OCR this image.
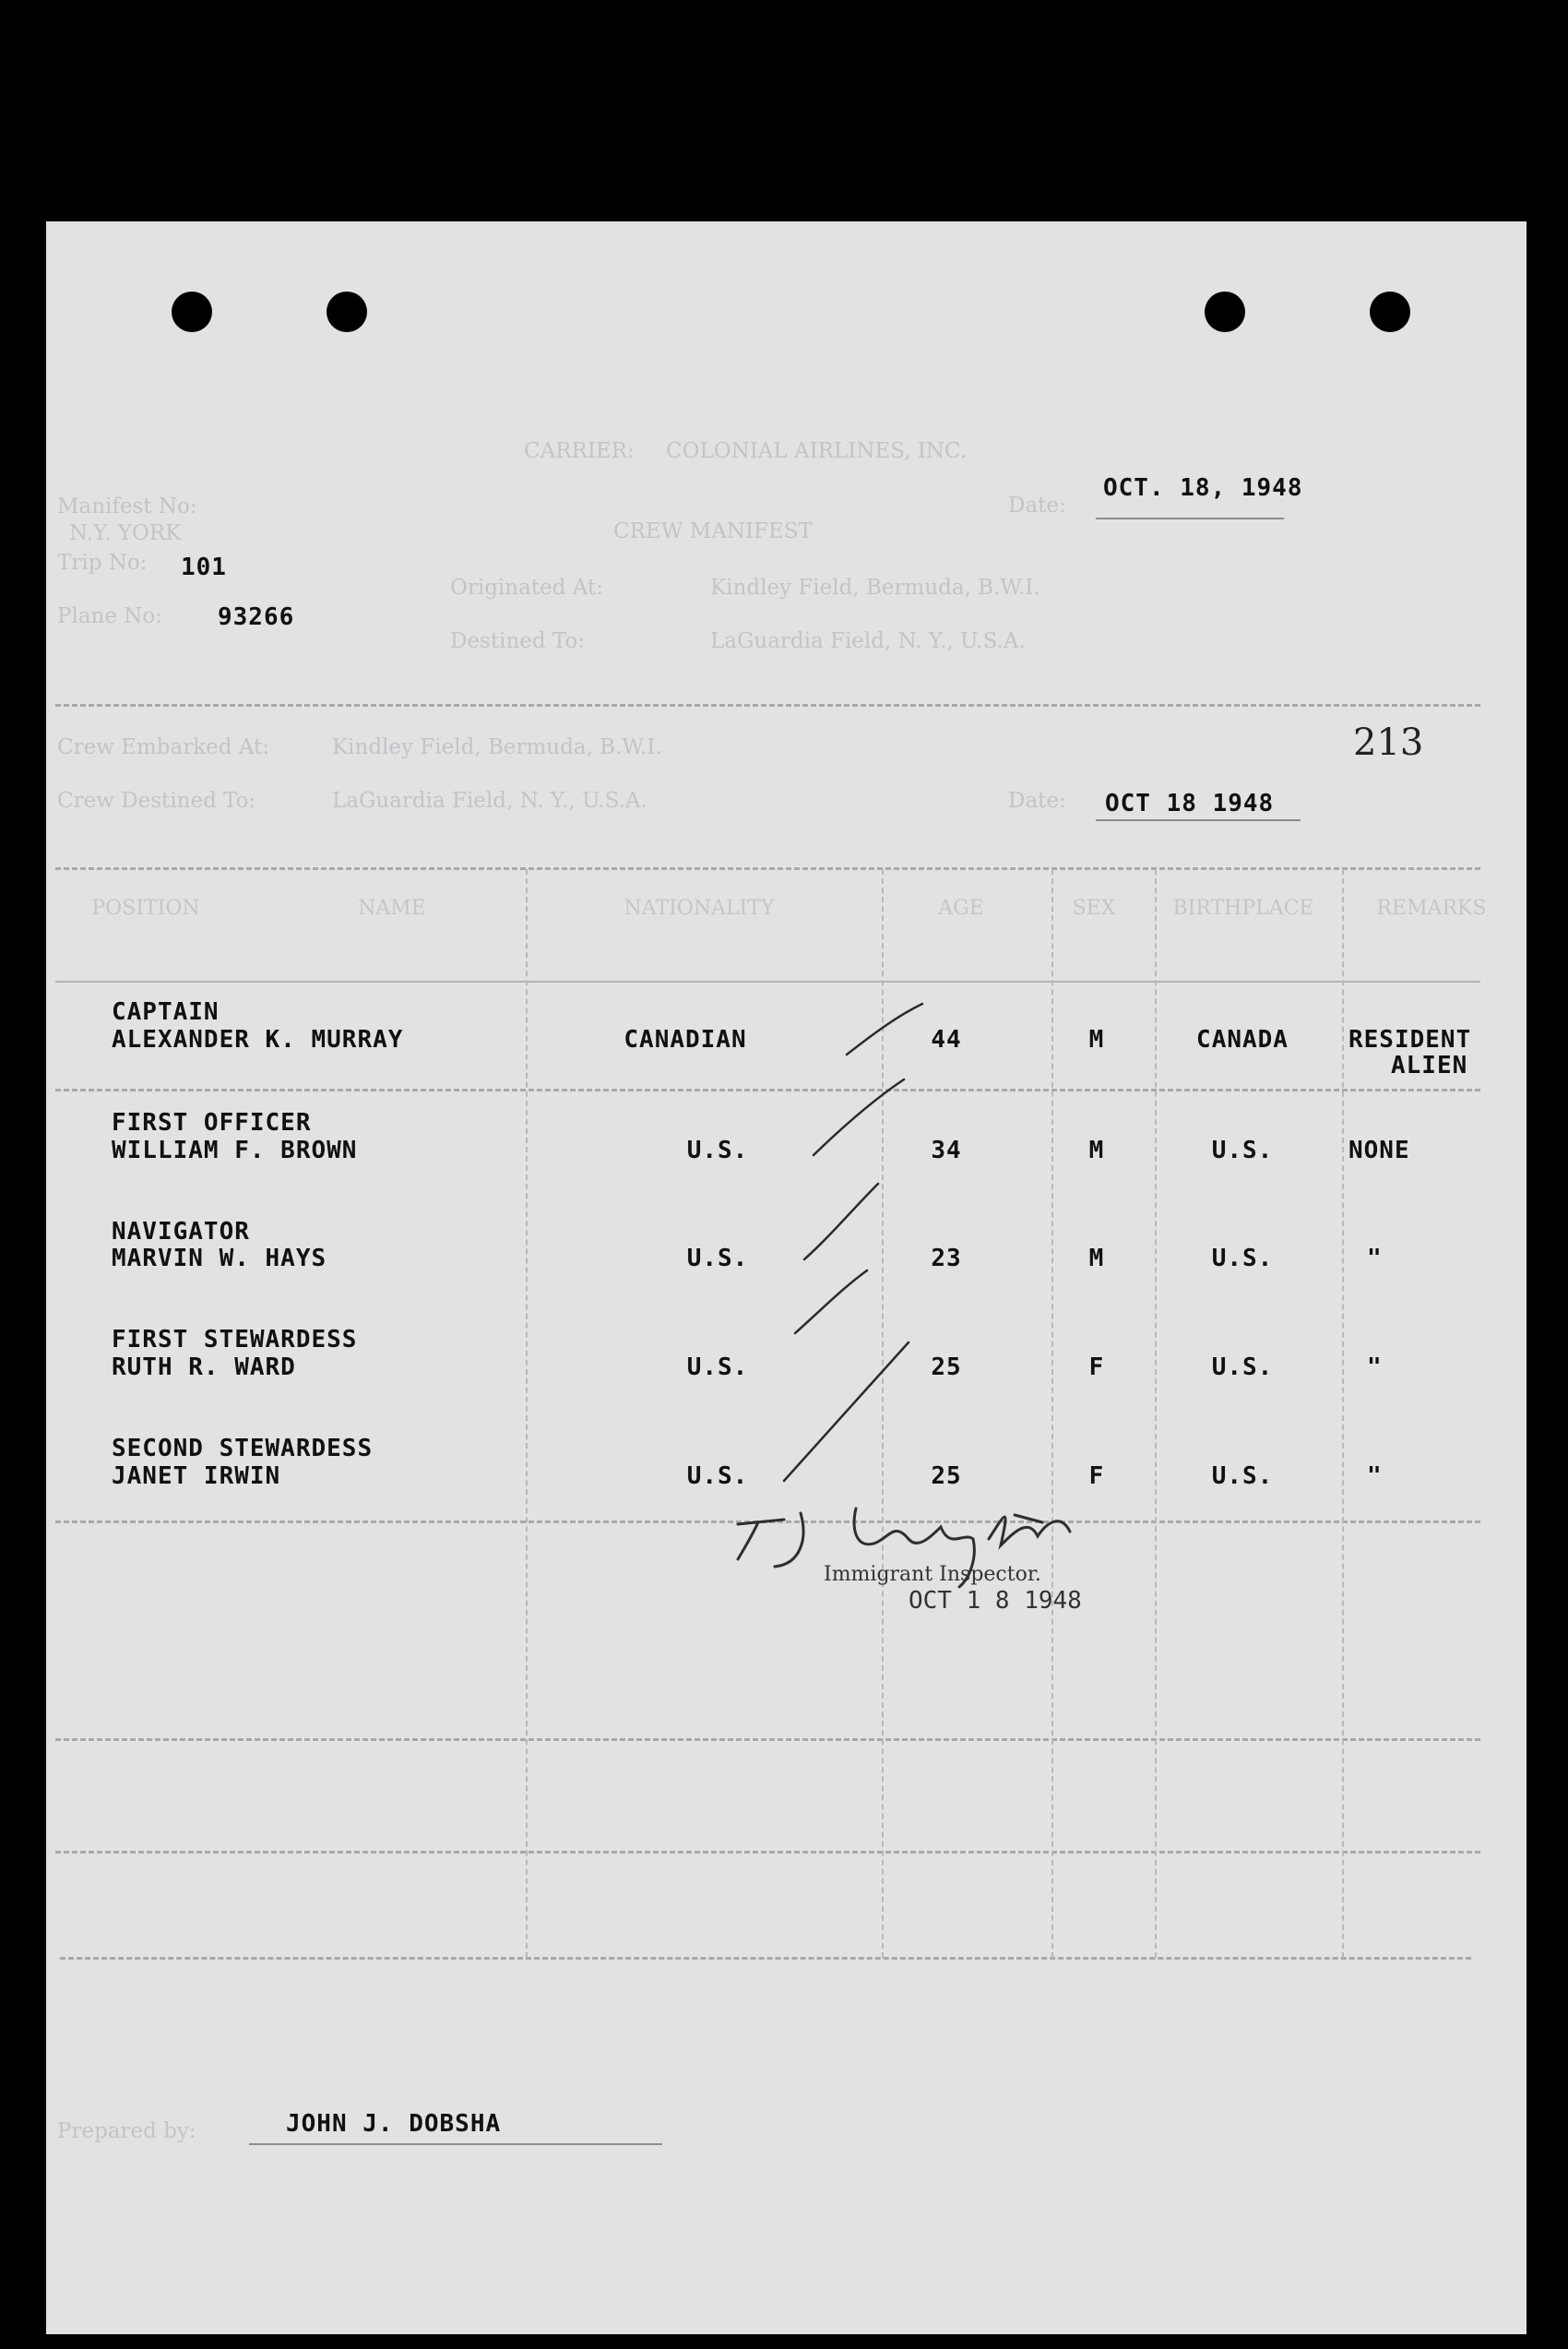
CARRIER: COLONIAL AIRLINES, INC.
Manifest No:
N.Y. YORK
Trip No: 101
Plane No: 93266
Date:
OCT. 18, 1948
CREW MANIFEST
Originated At:	Kindley Field, Bermuda, B.W.I.
Destined To:	LaGuardia Field, N. Y., U.S.A.
Crew Embarked At:	Kindley Field, Bermuda, B.W.I.
Crew Destined To:	LaGuardia Field, N. Y., U.S.A.	Date: OCT 18 1948
213
POSITION	NAME	NATIONALITY	AGE	SEX	BIRTHPLACE	REMARKS
CAPTAIN
ALEXANDER K. MURRAY	CANADIAN	44	M	CANADA	RESIDENT
ALIEN
FIRST OFFICER
WILLIAM F. BROWN	U.S.	34	M	U.S.	NONE
NAVIGATOR
MARVIN W. HAYS	U.S.	23	M	U.S.	"
FIRST STEWARDESS
RUTH R. WARD	U.S.	25	F	U.S.	"
SECOND STEWARDESS
JANET IRWIN	U.S.	25	F	U.S.	"
Immigrant Inspector.
OCT 1 8 1948
Prepared by:	JOHN J. DOBSHA
